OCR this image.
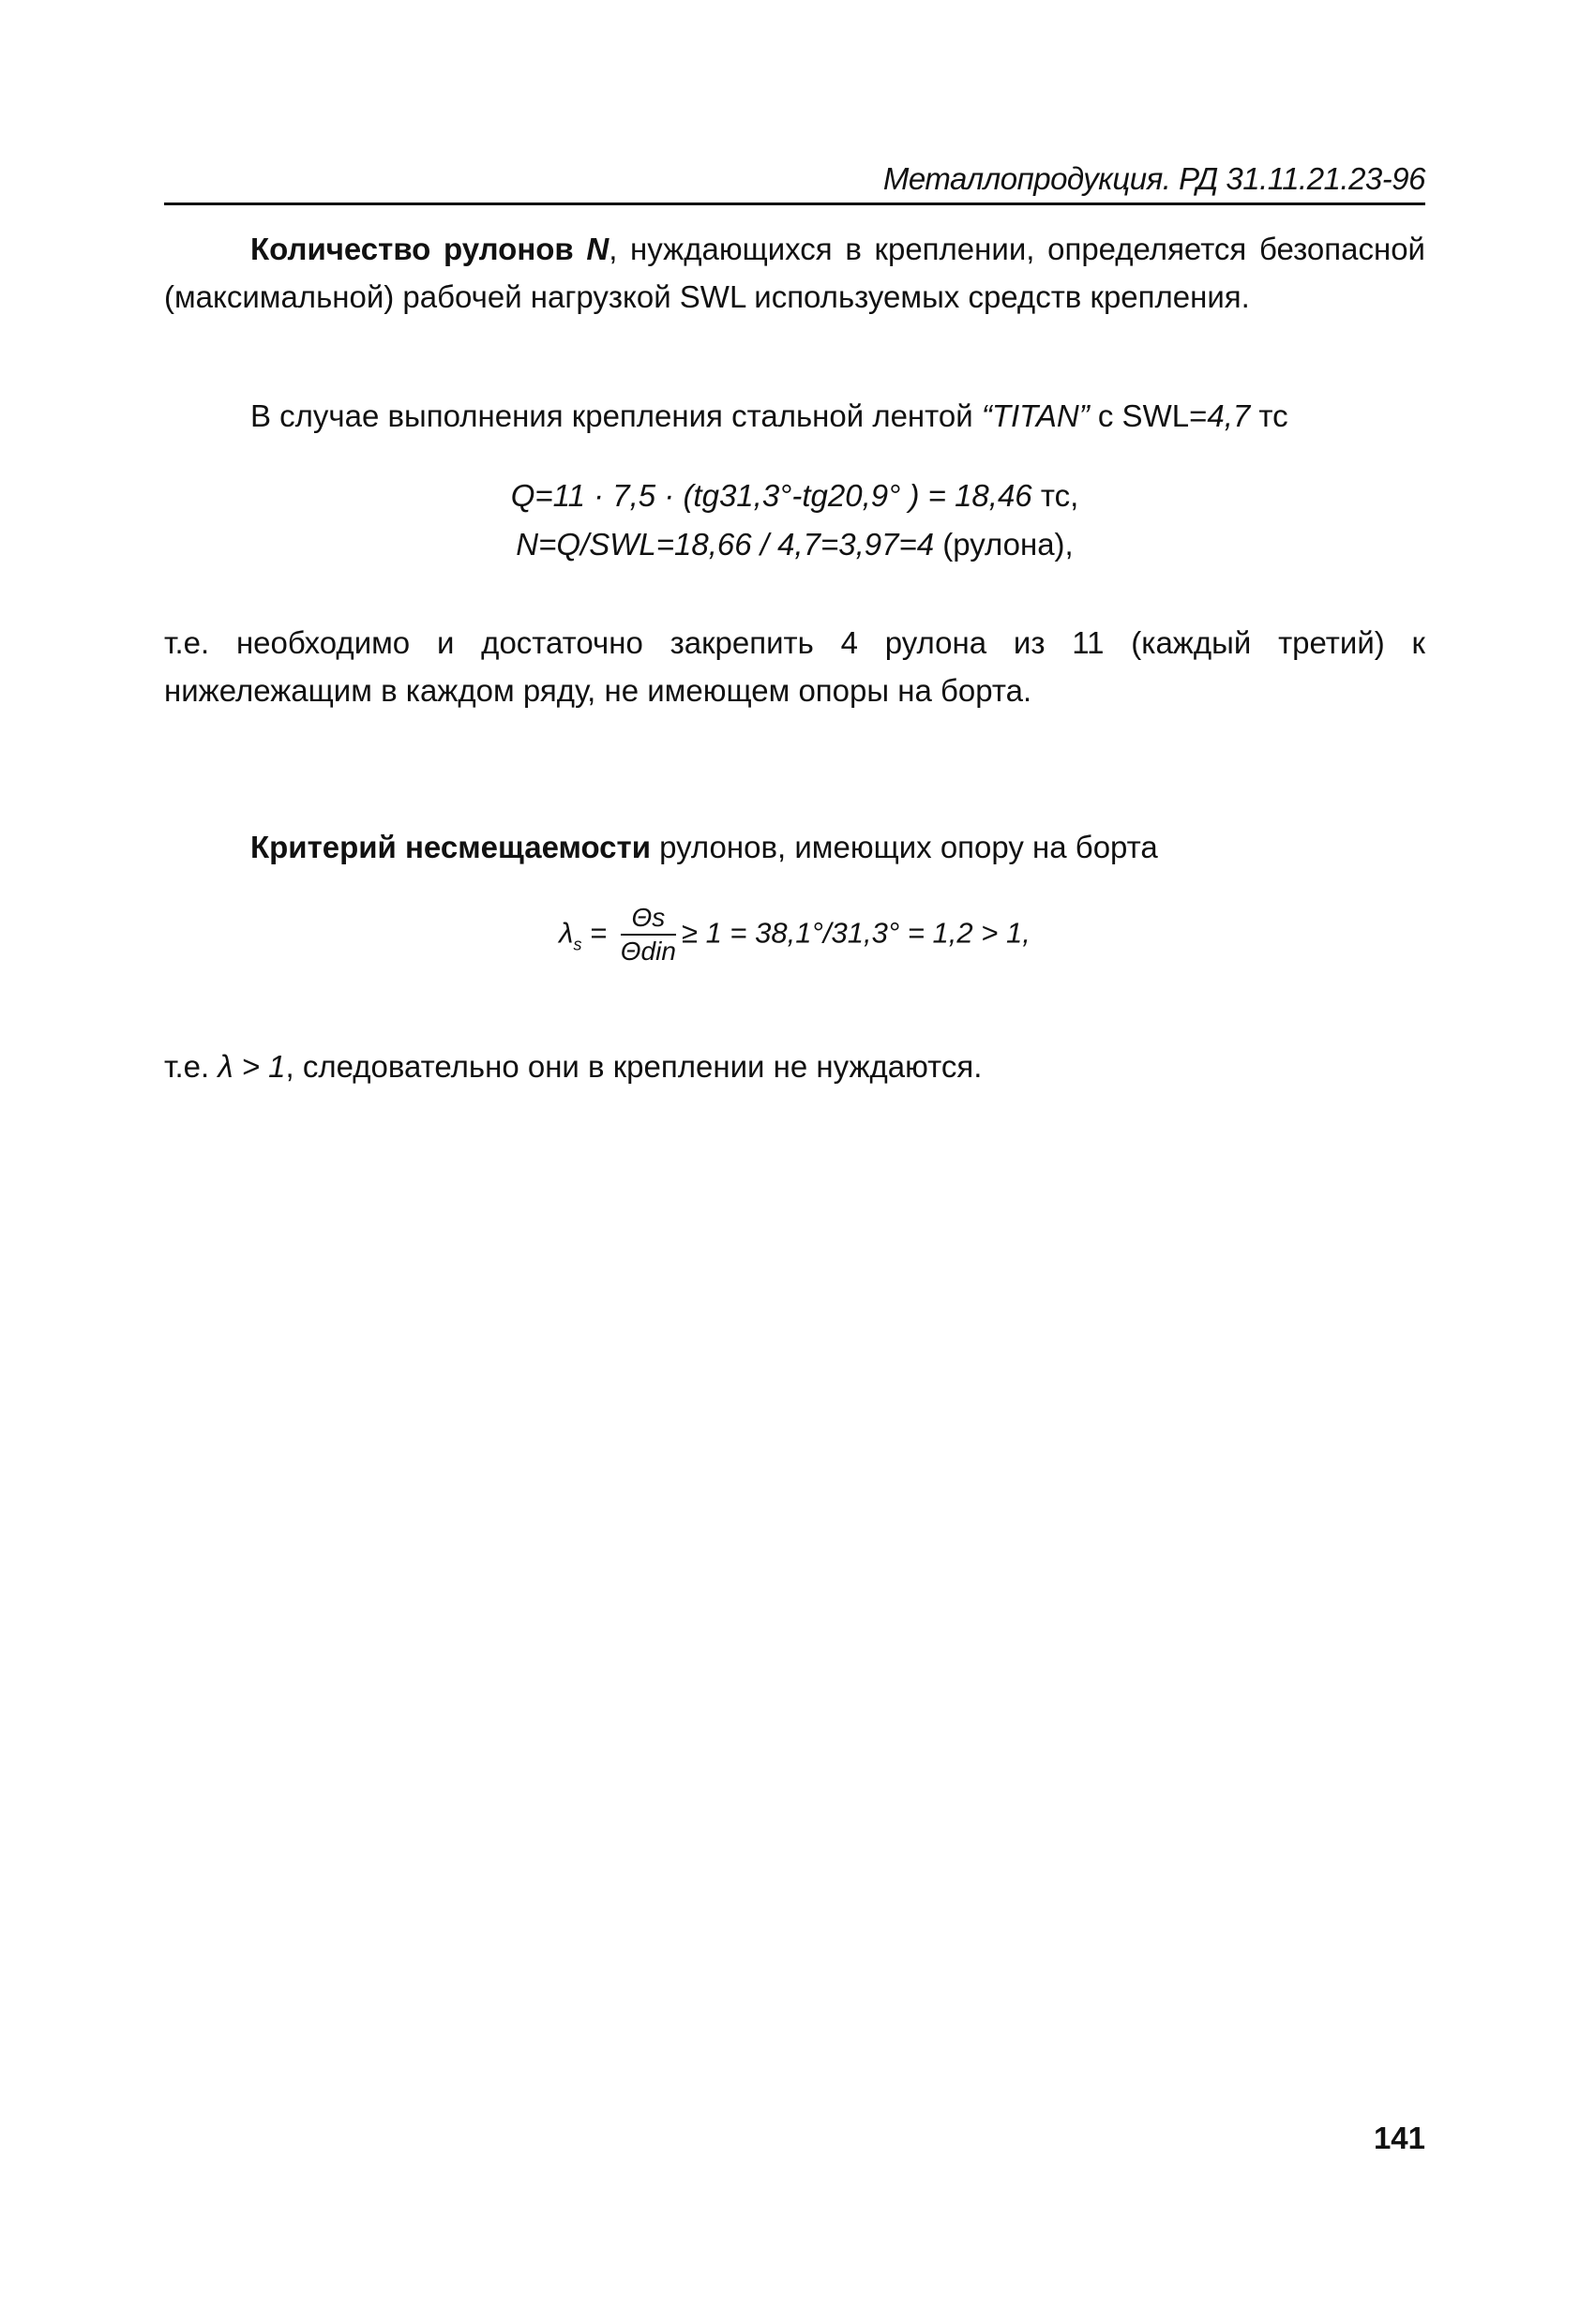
Металлопродукция. РД 31.11.21.23-96
Количество рулонов N, нуждающихся в креплении, определяется безопасной (максимальной) рабочей нагрузкой SWL используемых средств крепления.
В случае выполнения крепления стальной лентой “TITAN” с SWL=4,7 тс
Q=11 · 7,5 · (tg31,3°-tg20,9° ) = 18,46 тс,
N=Q/SWL=18,66 / 4,7=3,97=4 (рулона),
т.е. необходимо и достаточно закрепить 4 рулона из 11 (каждый третий) к нижележащим в каждом ряду, не имеющем опоры на борта.
Критерий несмещаемости рулонов, имеющих опору на борта
$\lambda_s = \frac{\Theta s}{\text{Θdin}} \ge 1 = 38,1^\circ/31,3^\circ = 1,2 > 1$,
т.е. λ > 1, следовательно они в креплении не нуждаются.
141
